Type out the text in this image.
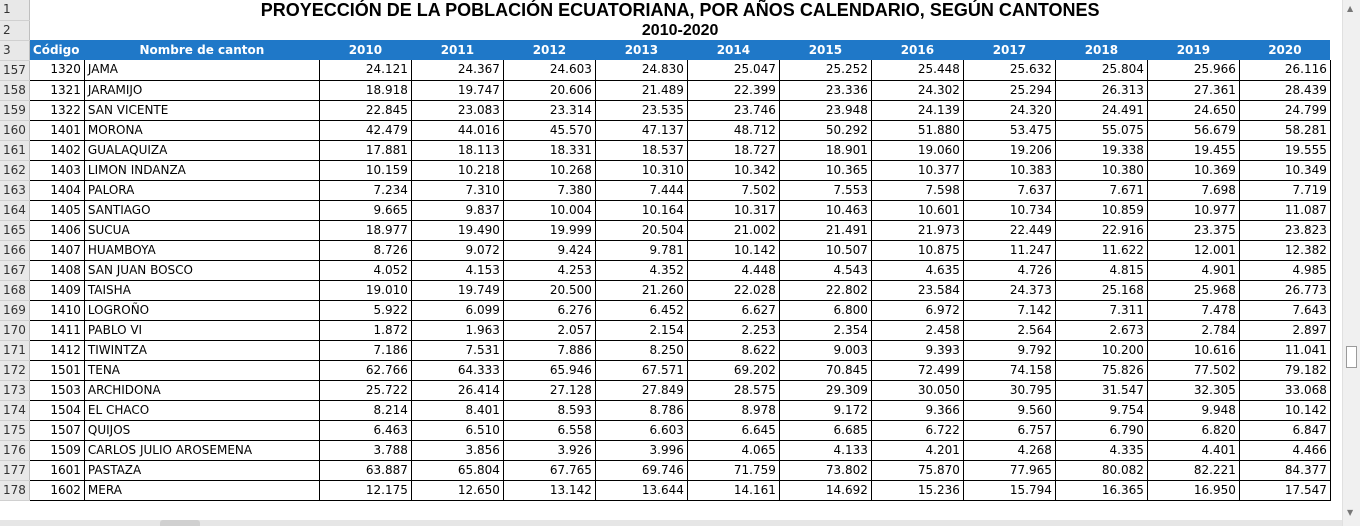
1	PROYECCIÓN DE LA POBLACIÓN ECUATORIANA, POR AÑOS CALENDARIO, SEGÚN CANTONES												
2	2010-2020												
3	Código	Nombre de canton	2010	2011	2012	2013	2014	2015	2016	2017	2018	2019	2020
157	1320	JAMA	24.121	24.367	24.603	24.830	25.047	25.252	25.448	25.632	25.804	25.966	26.116
158	1321	JARAMIJO	18.918	19.747	20.606	21.489	22.399	23.336	24.302	25.294	26.313	27.361	28.439
159	1322	SAN VICENTE	22.845	23.083	23.314	23.535	23.746	23.948	24.139	24.320	24.491	24.650	24.799
160	1401	MORONA	42.479	44.016	45.570	47.137	48.712	50.292	51.880	53.475	55.075	56.679	58.281
161	1402	GUALAQUIZA	17.881	18.113	18.331	18.537	18.727	18.901	19.060	19.206	19.338	19.455	19.555
162	1403	LIMON INDANZA	10.159	10.218	10.268	10.310	10.342	10.365	10.377	10.383	10.380	10.369	10.349
163	1404	PALORA	7.234	7.310	7.380	7.444	7.502	7.553	7.598	7.637	7.671	7.698	7.719
164	1405	SANTIAGO	9.665	9.837	10.004	10.164	10.317	10.463	10.601	10.734	10.859	10.977	11.087
165	1406	SUCUA	18.977	19.490	19.999	20.504	21.002	21.491	21.973	22.449	22.916	23.375	23.823
166	1407	HUAMBOYA	8.726	9.072	9.424	9.781	10.142	10.507	10.875	11.247	11.622	12.001	12.382
167	1408	SAN JUAN BOSCO	4.052	4.153	4.253	4.352	4.448	4.543	4.635	4.726	4.815	4.901	4.985
168	1409	TAISHA	19.010	19.749	20.500	21.260	22.028	22.802	23.584	24.373	25.168	25.968	26.773
169	1410	LOGROÑO	5.922	6.099	6.276	6.452	6.627	6.800	6.972	7.142	7.311	7.478	7.643
170	1411	PABLO VI	1.872	1.963	2.057	2.154	2.253	2.354	2.458	2.564	2.673	2.784	2.897
171	1412	TIWINTZA	7.186	7.531	7.886	8.250	8.622	9.003	9.393	9.792	10.200	10.616	11.041
172	1501	TENA	62.766	64.333	65.946	67.571	69.202	70.845	72.499	74.158	75.826	77.502	79.182
173	1503	ARCHIDONA	25.722	26.414	27.128	27.849	28.575	29.309	30.050	30.795	31.547	32.305	33.068
174	1504	EL CHACO	8.214	8.401	8.593	8.786	8.978	9.172	9.366	9.560	9.754	9.948	10.142
175	1507	QUIJOS	6.463	6.510	6.558	6.603	6.645	6.685	6.722	6.757	6.790	6.820	6.847
176	1509	CARLOS JULIO AROSEMENA	3.788	3.856	3.926	3.996	4.065	4.133	4.201	4.268	4.335	4.401	4.466
177	1601	PASTAZA	63.887	65.804	67.765	69.746	71.759	73.802	75.870	77.965	80.082	82.221	84.377
178	1602	MERA	12.175	12.650	13.142	13.644	14.161	14.692	15.236	15.794	16.365	16.950	17.547
▲
▼
